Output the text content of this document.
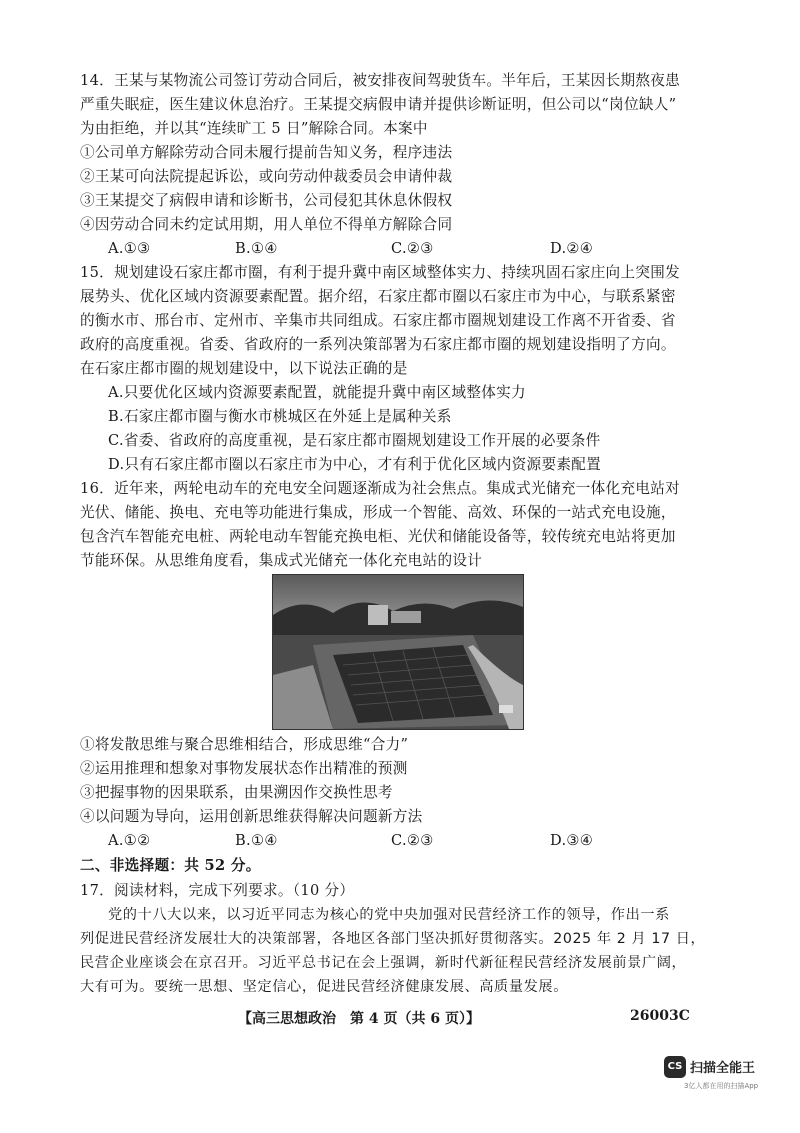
14．王某与某物流公司签订劳动合同后，被安排夜间驾驶货车。半年后，王某因长期熬夜患
严重失眠症，医生建议休息治疗。王某提交病假申请并提供诊断证明，但公司以“岗位缺人”
为由拒绝，并以其“连续旷工 5 日”解除合同。本案中
①公司单方解除劳动合同未履行提前告知义务，程序违法
②王某可向法院提起诉讼，或向劳动仲裁委员会申请仲裁
③王某提交了病假申请和诊断书，公司侵犯其休息休假权
④因劳动合同未约定试用期，用人单位不得单方解除合同
A.①③	B.①④	C.②③	D.②④
15．规划建设石家庄都市圈，有利于提升冀中南区域整体实力、持续巩固石家庄向上突围发
展势头、优化区域内资源要素配置。据介绍，石家庄都市圈以石家庄市为中心，与联系紧密
的衡水市、邢台市、定州市、辛集市共同组成。石家庄都市圈规划建设工作离不开省委、省
政府的高度重视。省委、省政府的一系列决策部署为石家庄都市圈的规划建设指明了方向。
在石家庄都市圈的规划建设中，以下说法正确的是
A.只要优化区域内资源要素配置，就能提升冀中南区域整体实力
B.石家庄都市圈与衡水市桃城区在外延上是属种关系
C.省委、省政府的高度重视，是石家庄都市圈规划建设工作开展的必要条件
D.只有石家庄都市圈以石家庄市为中心，才有利于优化区域内资源要素配置
16．近年来，两轮电动车的充电安全问题逐渐成为社会焦点。集成式光储充一体化充电站对
光伏、储能、换电、充电等功能进行集成，形成一个智能、高效、环保的一站式充电设施，
包含汽车智能充电桩、两轮电动车智能充换电柜、光伏和储能设备等，较传统充电站将更加
节能环保。从思维角度看，集成式光储充一体化充电站的设计
①将发散思维与聚合思维相结合，形成思维“合力”
②运用推理和想象对事物发展状态作出精准的预测
③把握事物的因果联系，由果溯因作交换性思考
④以问题为导向，运用创新思维获得解决问题新方法
A.①②	B.①④	C.②③	D.③④
二、非选择题：共 52 分。
17．阅读材料，完成下列要求。（10 分）
党的十八大以来，以习近平同志为核心的党中央加强对民营经济工作的领导，作出一系
列促进民营经济发展壮大的决策部署，各地区各部门坚决抓好贯彻落实。2025 年 2 月 17 日，
民营企业座谈会在京召开。习近平总书记在会上强调，新时代新征程民营经济发展前景广阔，
大有可为。要统一思想、坚定信心，促进民营经济健康发展、高质量发展。
【高三思想政治　第 4 页（共 6 页）】	26003C
CS 扫描全能王
3亿人都在用的扫描App
